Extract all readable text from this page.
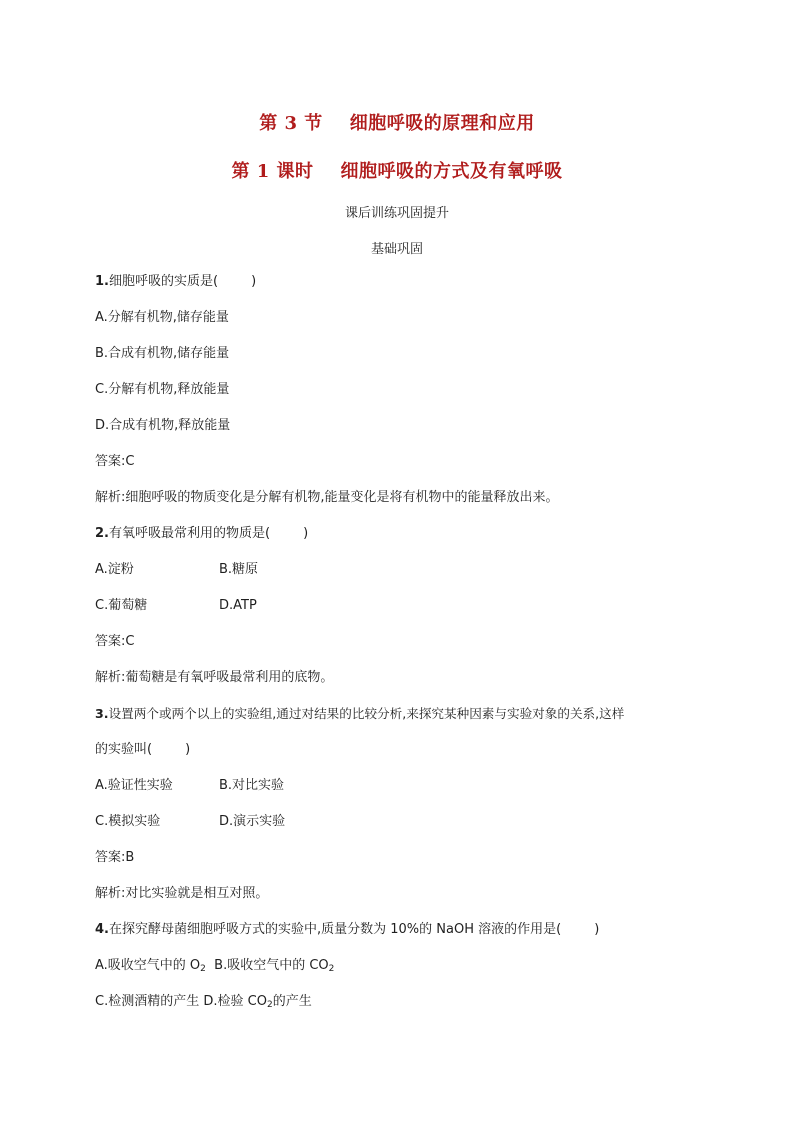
第 3 节    细胞呼吸的原理和应用
第 1 课时    细胞呼吸的方式及有氧呼吸
课后训练巩固提升
基础巩固
1.细胞呼吸的实质是(        )
A.分解有机物,储存能量
B.合成有机物,储存能量
C.分解有机物,释放能量
D.合成有机物,释放能量
答案:C
解析:细胞呼吸的物质变化是分解有机物,能量变化是将有机物中的能量释放出来。
2.有氧呼吸最常利用的物质是(        )
A.淀粉	B.糖原
C.葡萄糖	D.ATP
答案:C
解析:葡萄糖是有氧呼吸最常利用的底物。
3.设置两个或两个以上的实验组,通过对结果的比较分析,来探究某种因素与实验对象的关系,这样
的实验叫(        )
A.验证性实验	B.对比实验
C.模拟实验	D.演示实验
答案:B
解析:对比实验就是相互对照。
4.在探究酵母菌细胞呼吸方式的实验中,质量分数为 10%的 NaOH 溶液的作用是(        )
A.吸收空气中的 $O_2$ B.吸收空气中的 $CO_2$
C.检测酒精的产生 D.检验 $CO_2$的产生
